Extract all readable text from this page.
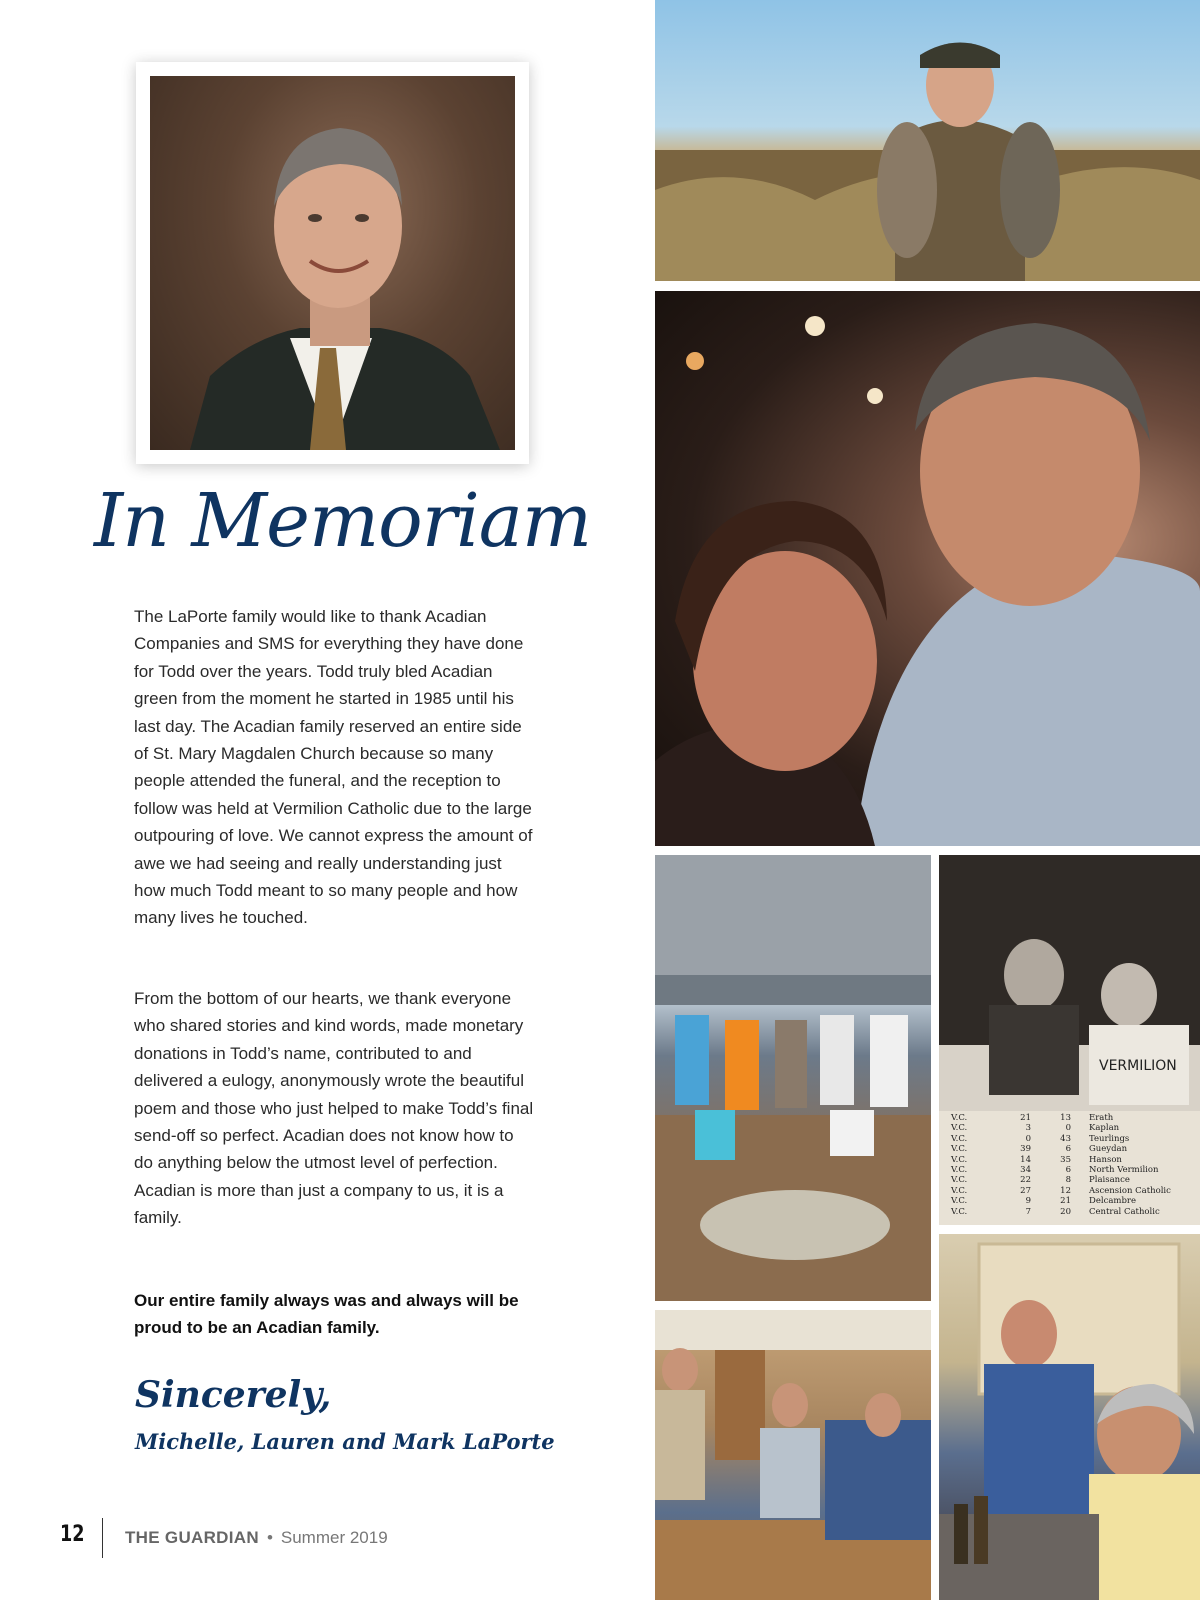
In Memoriam
The LaPorte family would like to thank Acadian Companies and SMS for everything they have done for Todd over the years. Todd truly bled Acadian green from the moment he started in 1985 until his last day. The Acadian family reserved an entire side of St. Mary Magdalen Church because so many people attended the funeral, and the reception to follow was held at Vermilion Catholic due to the large outpouring of love. We cannot express the amount of awe we had seeing and really understanding just how much Todd meant to so many people and how many lives he touched.
From the bottom of our hearts, we thank everyone who shared stories and kind words, made monetary donations in Todd’s name, contributed to and delivered a eulogy, anonymously wrote the beautiful poem and those who just helped to make Todd’s final send-off so perfect. Acadian does not know how to do anything below the utmost level of perfection. Acadian is more than just a company to us, it is a family.
Our entire family always was and always will be proud to be an Acadian family.
Sincerely,
Michelle, Lauren and Mark LaPorte
12 THE GUARDIAN • Summer 2019
VERMILION
V.C.	21	13	Erath
V.C.	3	0	Kaplan
V.C.	0	43	Teurlings
V.C.	39	6	Gueydan
V.C.	14	35	Hanson
V.C.	34	6	North Vermilion
V.C.	22	8	Plaisance
V.C.	27	12	Ascension Catholic
V.C.	9	21	Delcambre
V.C.	7	20	Central Catholic
